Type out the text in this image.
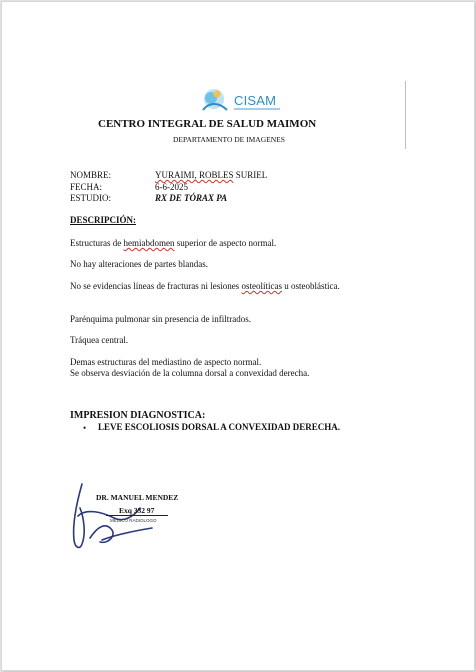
CISAM
CENTRO INTEGRAL DE SALUD MAIMON
DEPARTAMENTO DE IMAGENES
NOMBRE:	YURAIMI, ROBLES SURIEL
FECHA:	6-6-2025
ESTUDIO:	RX DE TÓRAX PA
DESCRIPCIÓN:
Estructuras de hemiabdomen superior de aspecto normal.
No hay alteraciones de partes blandas.
No se evidencias líneas de fracturas ni lesiones osteolíticas u osteoblástica.
Parénquima pulmonar sin presencia de infiltrados.
Tráquea central.
Demas estructuras del mediastino de aspecto normal.
Se observa desviación de la columna dorsal a convexidad derecha.
IMPRESION DIAGNOSTICA:
• LEVE ESCOLIOSIS DORSAL A CONVEXIDAD DERECHA.
DR. MANUEL MENDEZ
Exq 332 97
MEDICO RADIOLOGO
